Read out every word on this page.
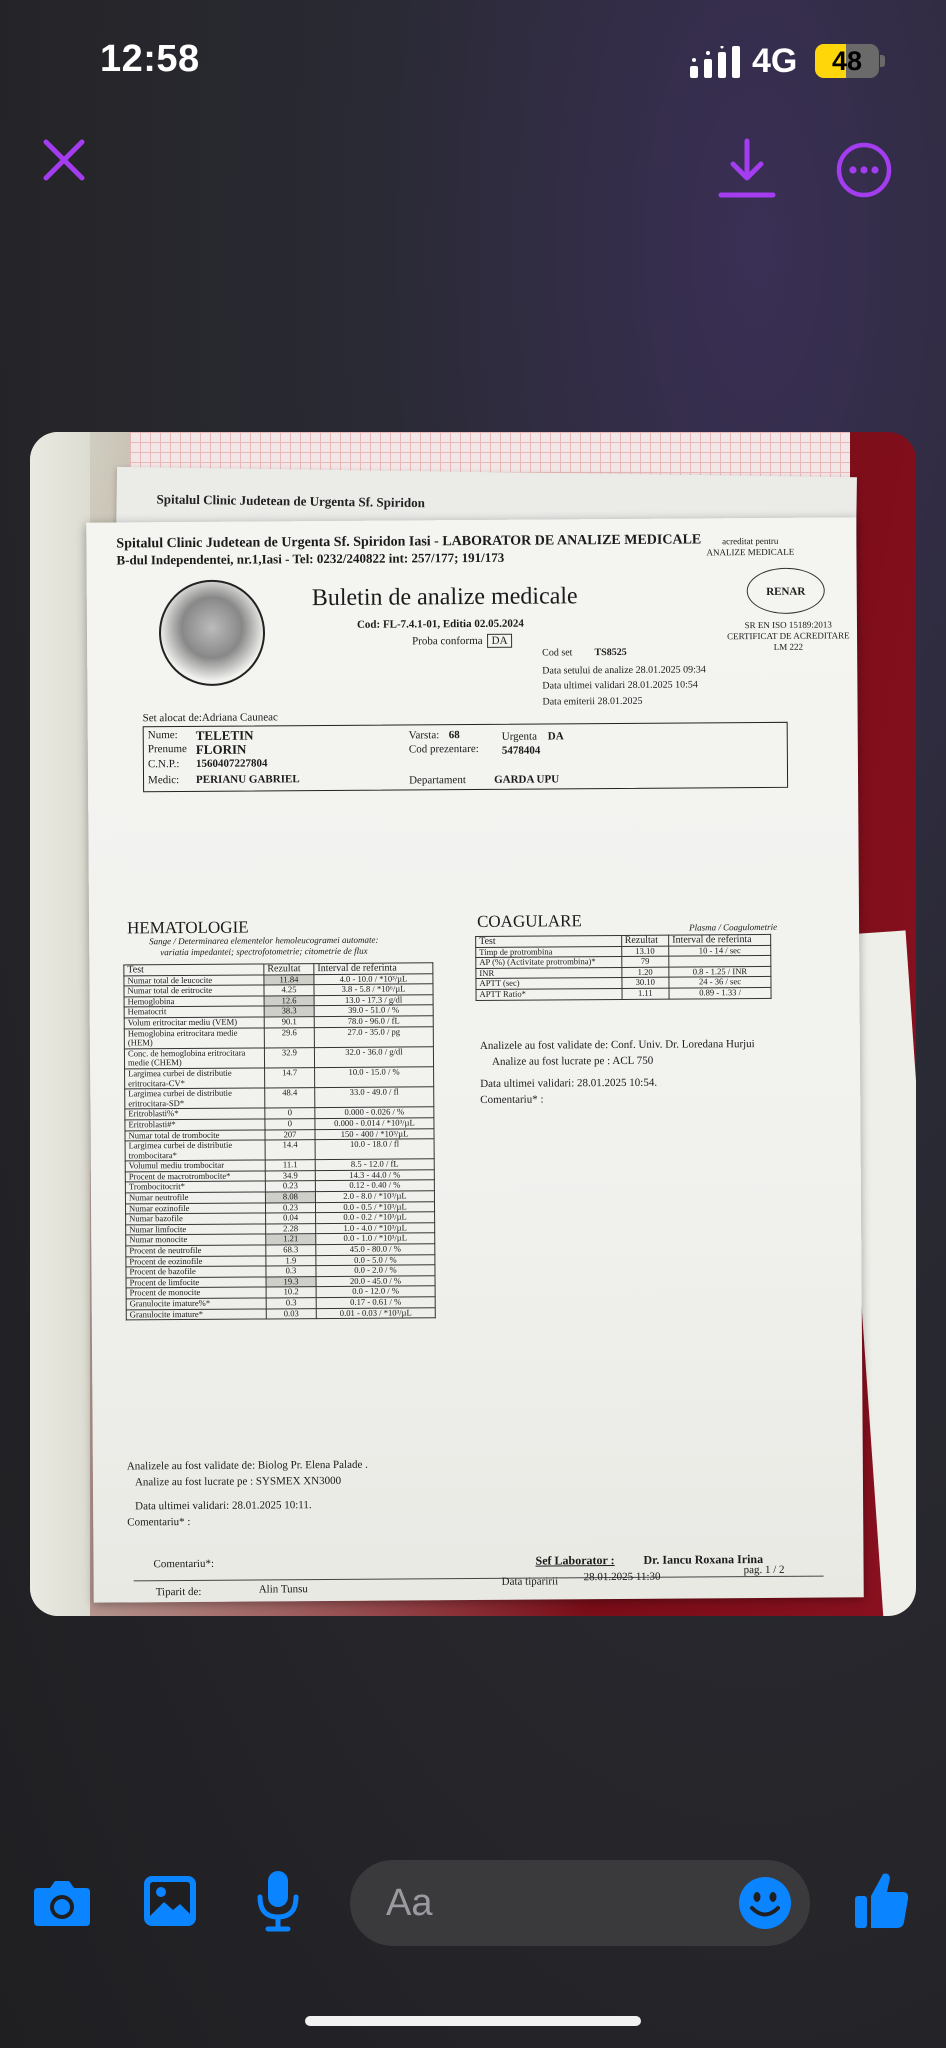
12:58	4G	48
Spitalul Clinic Judetean de Urgenta Sf. Spiridon
Spitalul Clinic Judetean de Urgenta Sf. Spiridon Iasi - LABORATOR DE ANALIZE MEDICALE
B-dul Independentei, nr.1,Iasi - Tel: 0232/240822 int: 257/177; 191/173
acreditat pentru
ANALIZE MEDICALE
RENAR
SR EN ISO 15189:2013
CERTIFICAT DE ACREDITARE
LM 222
Buletin de analize medicale
Cod: FL-7.4.1-01, Editia 02.05.2024
Proba conforma DA
Cod set TS8525
Data setului de analize 28.01.2025 09:34
Data ultimei validari 28.01.2025 10:54
Data emiterii 28.01.2025
Set alocat de:Adriana Cauneac
Nume: TELETIN
Prenume FLORIN
C.N.P.: 1560407227804
Medic: PERIANU GABRIEL
Varsta: 68	Urgenta DA
Cod prezentare: 5478404
Departament	GARDA UPU
HEMATOLOGIE
Sange / Determinarea elementelor hemoleucogramei automate:
variatia impedantei; spectrofotometrie; citometrie de flux
Test	Rezultat	Interval de referinta
Numar total de leucocite	11.84	4.0 - 10.0 / *10³/µL
Numar total de eritrocite	4.25	3.8 - 5.8 / *10⁶/µL
Hemoglobina	12.6	13.0 - 17.3 / g/dl
Hematocrit	38.3	39.0 - 51.0 / %
Volum eritrocitar mediu (VEM)	90.1	78.0 - 96.0 / fL
Hemoglobina eritrocitara medie (HEM)	29.6	27.0 - 35.0 / pg
Conc. de hemoglobina eritrocitara medie (CHEM)	32.9	32.0 - 36.0 / g/dl
Largimea curbei de distributie eritrocitara-CV*	14.7	10.0 - 15.0 / %
Largimea curbei de distributie eritrocitara-SD*	48.4	33.0 - 49.0 / fl
Eritroblasti%*	0	0.000 - 0.026 / %
Eritroblasti#*	0	0.000 - 0.014 / *10³/µL
Numar total de trombocite	207	150 - 400 / *10³/µL
Largimea curbei de distributie trombocitara*	14.4	10.0 - 18.0 / fl
Volumul mediu trombocitar	11.1	8.5 - 12.0 / fL
Procent de macrotrombocite*	34.9	14.3 - 44.0 / %
Trombocitocrit*	0.23	0.12 - 0.40 / %
Numar neutrofile	8.08	2.0 - 8.0 / *10³/µL
Numar eozinofile	0.23	0.0 - 0.5 / *10³/µL
Numar bazofile	0.04	0.0 - 0.2 / *10³/µL
Numar limfocite	2.28	1.0 - 4.0 / *10³/µL
Numar monocite	1.21	0.0 - 1.0 / *10³/µL
Procent de neutrofile	68.3	45.0 - 80.0 / %
Procent de eozinofile	1.9	0.0 - 5.0 / %
Procent de bazofile	0.3	0.0 - 2.0 / %
Procent de limfocite	19.3	20.0 - 45.0 / %
Procent de monocite	10.2	0.0 - 12.0 / %
Granulocite imature%*	0.3	0.17 - 0.61 / %
Granulocite imature*	0.03	0.01 - 0.03 / *10³/µL
Analizele au fost validate de: Biolog Pr. Elena Palade .
Analize au fost lucrate pe : SYSMEX XN3000
Data ultimei validari: 28.01.2025 10:11.
Comentariu* :
COAGULARE	Plasma / Coagulometrie
Test	Rezultat	Interval de referinta
Timp de protrombina	13.10	10 - 14 / sec
AP (%) (Activitate protrombina)*	79	
INR	1.20	0.8 - 1.25 / INR
APTT (sec)	30.10	24 - 36 / sec
APTT Ratio*	1.11	0.89 - 1.33 /
Analizele au fost validate de: Conf. Univ. Dr. Loredana Hurjui
Analize au fost lucrate pe : ACL 750
Data ultimei validari: 28.01.2025 10:54.
Comentariu* :
Comentariu*:	Sef Laborator : Dr. Iancu Roxana Irina
Tiparit de:	Alin Tunsu
Data tiparirii 28.01.2025 11:30
pag. 1 / 2
Aa
